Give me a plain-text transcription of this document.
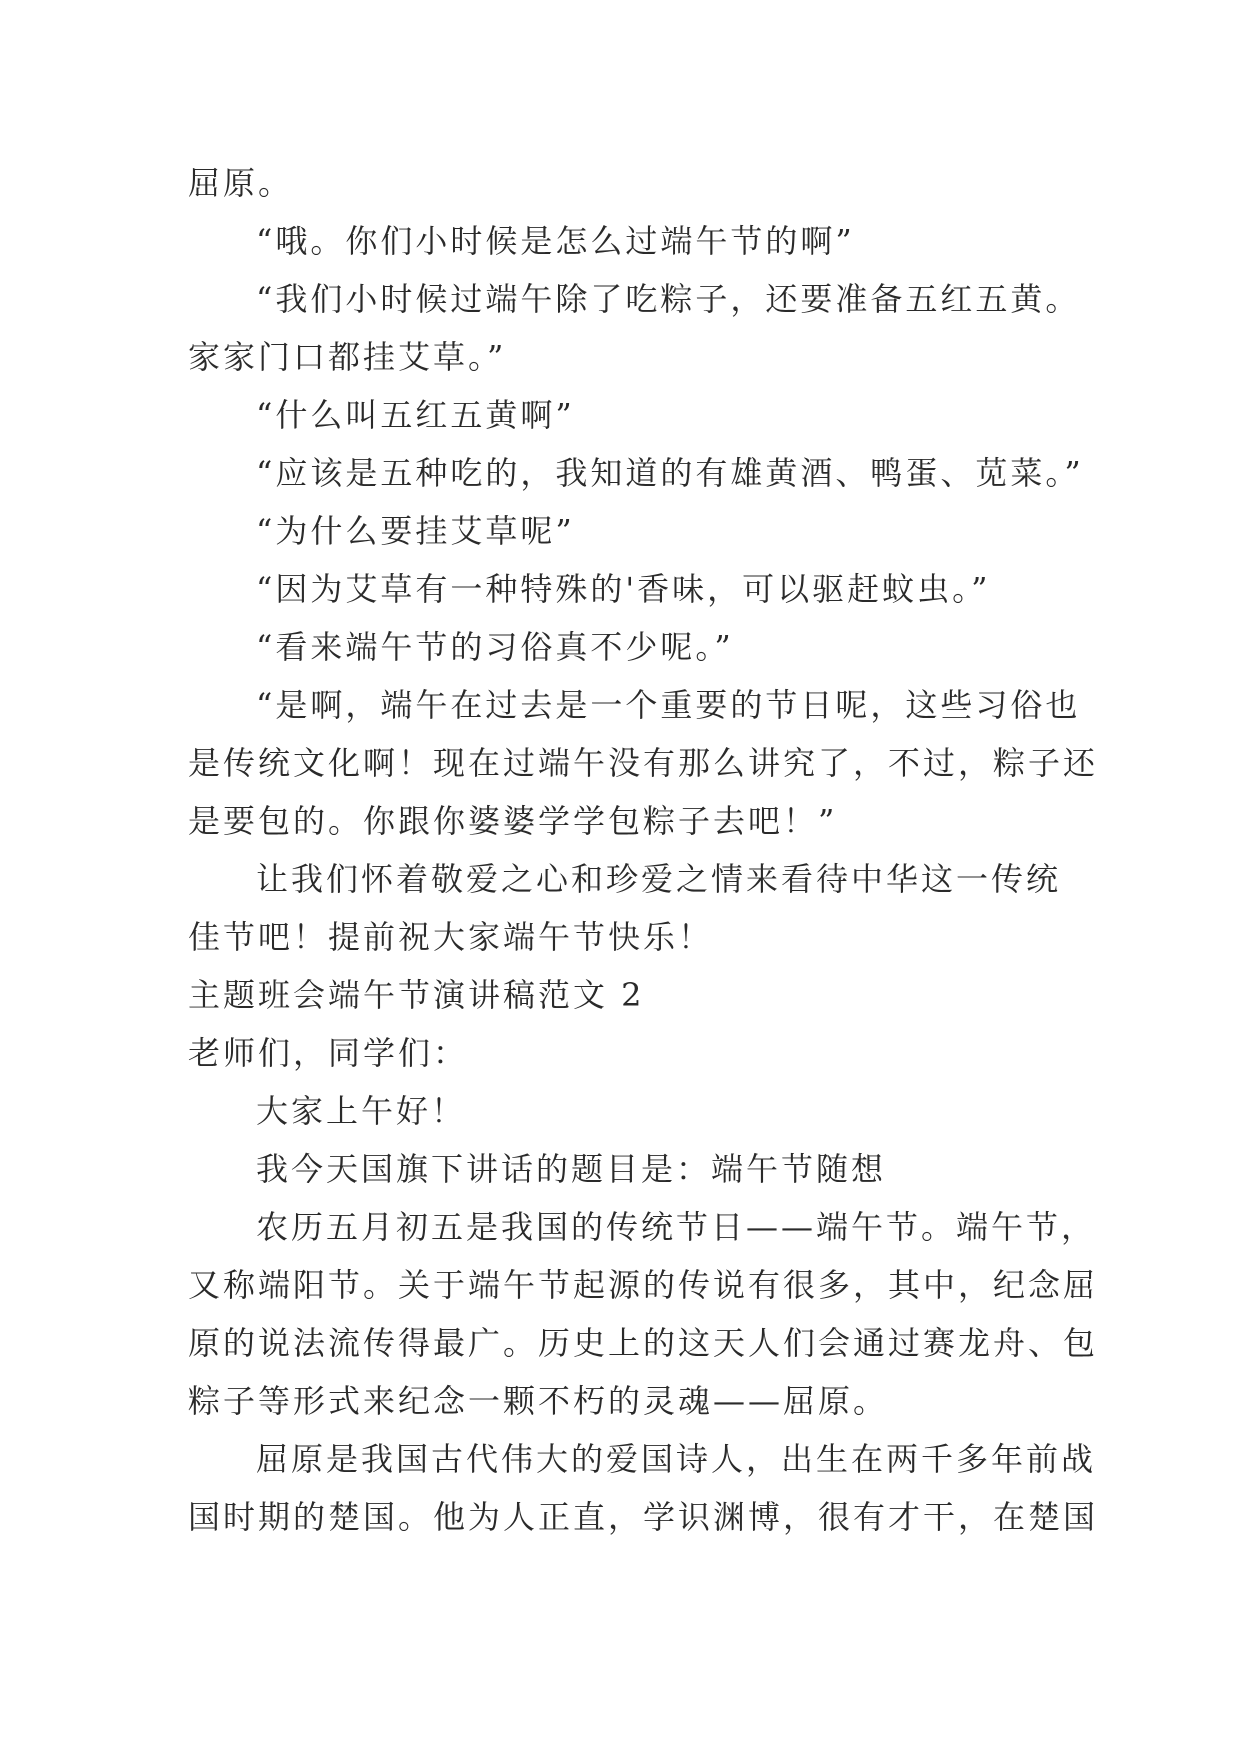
屈原。
“哦。你们小时候是怎么过端午节的啊”
“我们小时候过端午除了吃粽子，还要准备五红五黄。
家家门口都挂艾草。”
“什么叫五红五黄啊”
“应该是五种吃的，我知道的有雄黄酒、鸭蛋、苋菜。”
“为什么要挂艾草呢”
“因为艾草有一种特殊的'香味，可以驱赶蚊虫。”
“看来端午节的习俗真不少呢。”
“是啊，端午在过去是一个重要的节日呢，这些习俗也
是传统文化啊！现在过端午没有那么讲究了，不过，粽子还
是要包的。你跟你婆婆学学包粽子去吧！”
让我们怀着敬爱之心和珍爱之情来看待中华这一传统
佳节吧！提前祝大家端午节快乐！
主题班会端午节演讲稿范文 2
老师们，同学们：
大家上午好！
我今天国旗下讲话的题目是：端午节随想
农历五月初五是我国的传统节日——端午节。端午节，
又称端阳节。关于端午节起源的传说有很多，其中，纪念屈
原的说法流传得最广。历史上的这天人们会通过赛龙舟、包
粽子等形式来纪念一颗不朽的灵魂——屈原。
屈原是我国古代伟大的爱国诗人，出生在两千多年前战
国时期的楚国。他为人正直，学识渊博，很有才干，在楚国
